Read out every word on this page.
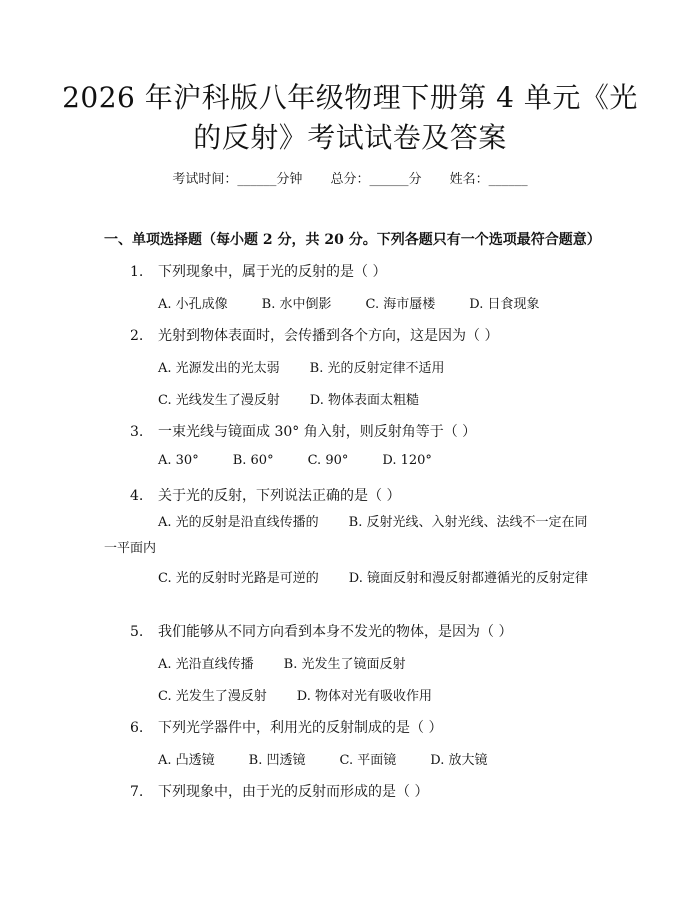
2026 年沪科版八年级物理下册第 4 单元《光
的反射》考试试卷及答案
考试时间：______分钟 总分：______分 姓名：______
一、单项选择题（每小题 2 分，共 20 分。下列各题只有一个选项最符合题意）
1. 下列现象中，属于光的反射的是（ ）
A. 小孔成像	B. 水中倒影	C. 海市蜃楼	D. 日食现象
2. 光射到物体表面时，会传播到各个方向，这是因为（ ）
A. 光源发出的光太弱 B. 光的反射定律不适用
C. 光线发生了漫反射 D. 物体表面太粗糙
3. 一束光线与镜面成 30° 角入射，则反射角等于（ ）
A. 30°	B. 60°	C. 90°	D. 120°
4. 关于光的反射，下列说法正确的是（ ）
A. 光的反射是沿直线传播的 B. 反射光线、入射光线、法线不一定在同一平面内
C. 光的反射时光路是可逆的 D. 镜面反射和漫反射都遵循光的反射定律
5. 我们能够从不同方向看到本身不发光的物体，是因为（ ）
A. 光沿直线传播 B. 光发生了镜面反射
C. 光发生了漫反射 D. 物体对光有吸收作用
6. 下列光学器件中，利用光的反射制成的是（ ）
A. 凸透镜	B. 凹透镜	C. 平面镜	D. 放大镜
7. 下列现象中，由于光的反射而形成的是（ ）
